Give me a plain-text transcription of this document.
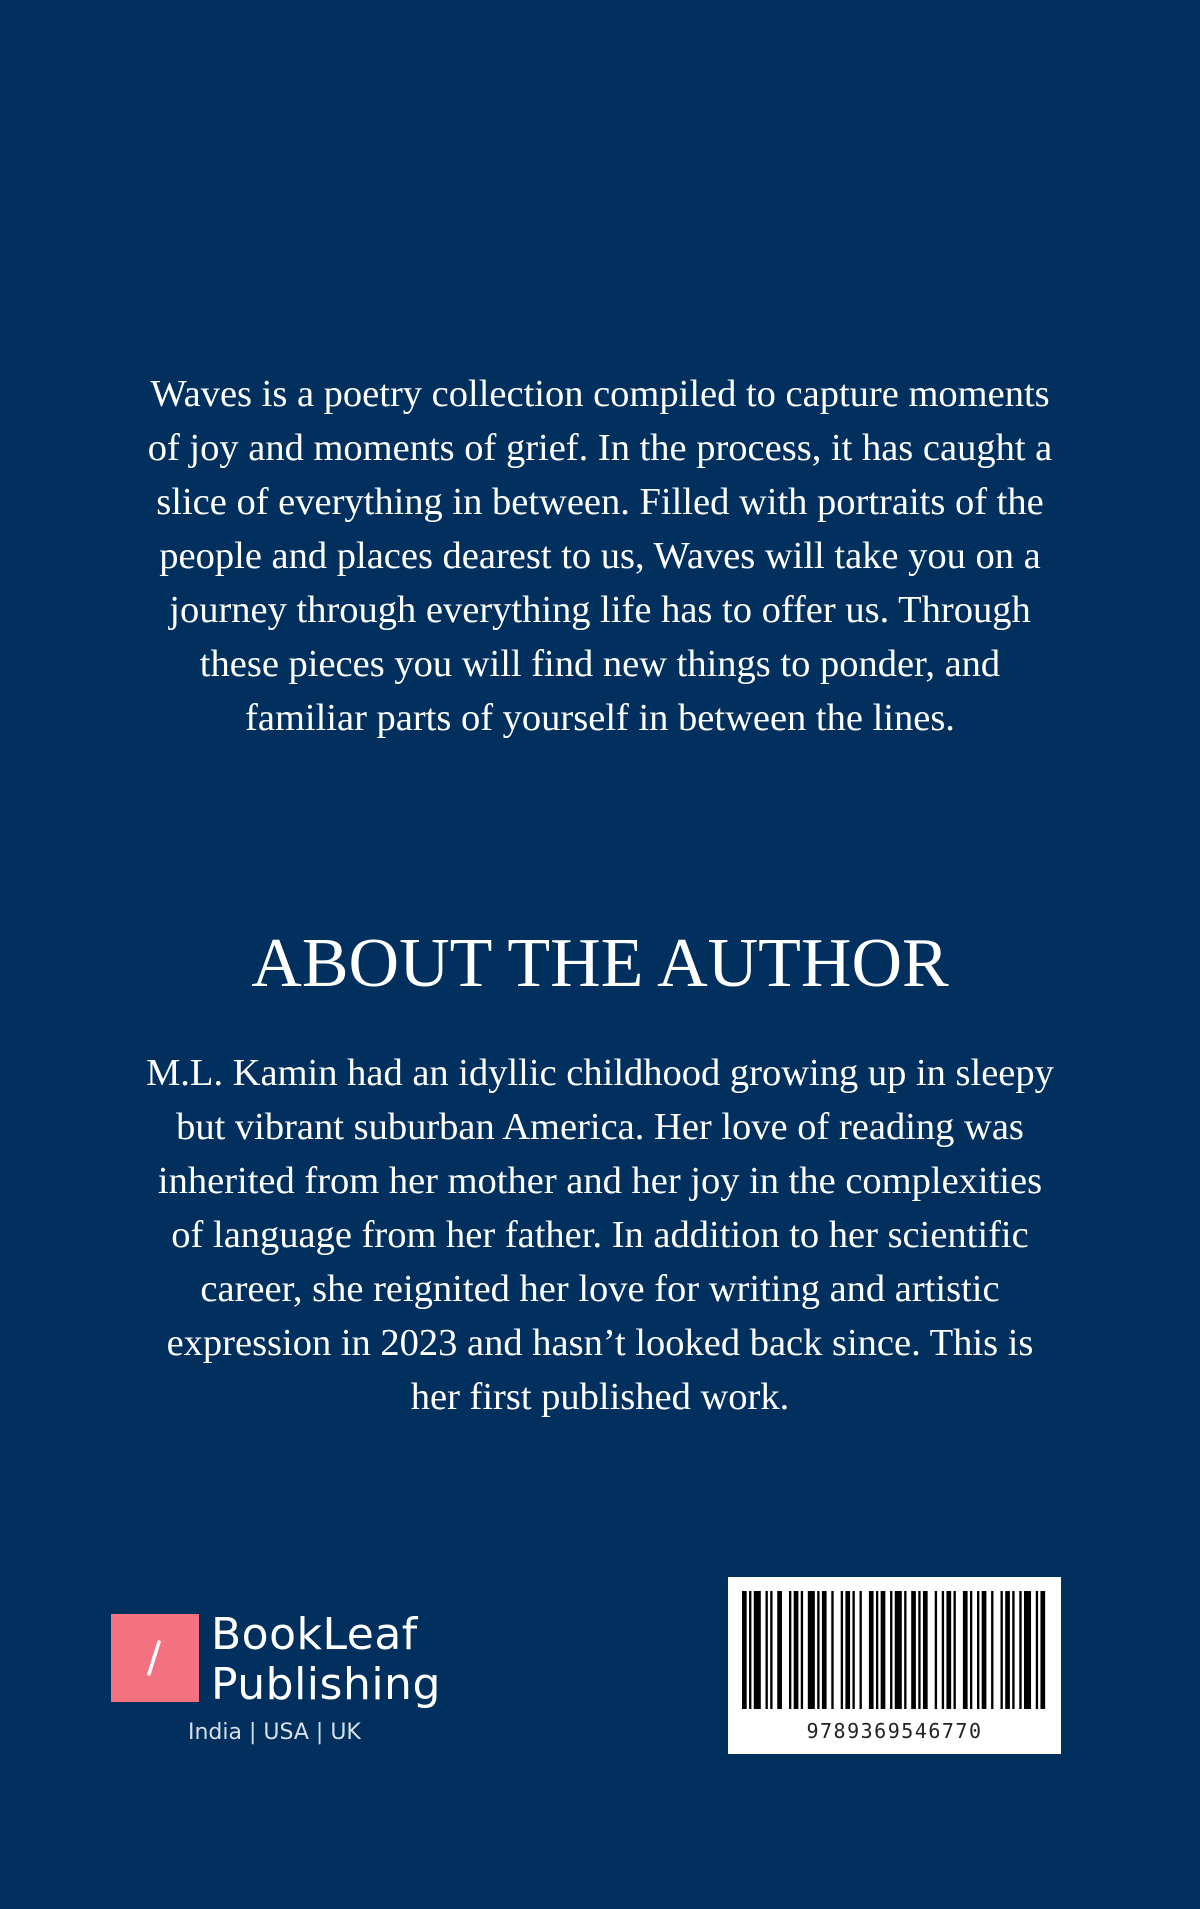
Waves is a poetry collection compiled to capture moments
of joy and moments of grief. In the process, it has caught a
slice of everything in between. Filled with portraits of the
people and places dearest to us, Waves will take you on a
journey through everything life has to offer us. Through
these pieces you will find new things to ponder, and
familiar parts of yourself in between the lines.

ABOUT THE AUTHOR

M.L. Kamin had an idyllic childhood growing up in sleepy
but vibrant suburban America. Her love of reading was
inherited from her mother and her joy in the complexities
of language from her father. In addition to her scientific
career, she reignited her love for writing and artistic
expression in 2023 and hasn’t looked back since. This is
her first published work.

BookLeaf
Publishing
India | USA | UK	9789369546770
